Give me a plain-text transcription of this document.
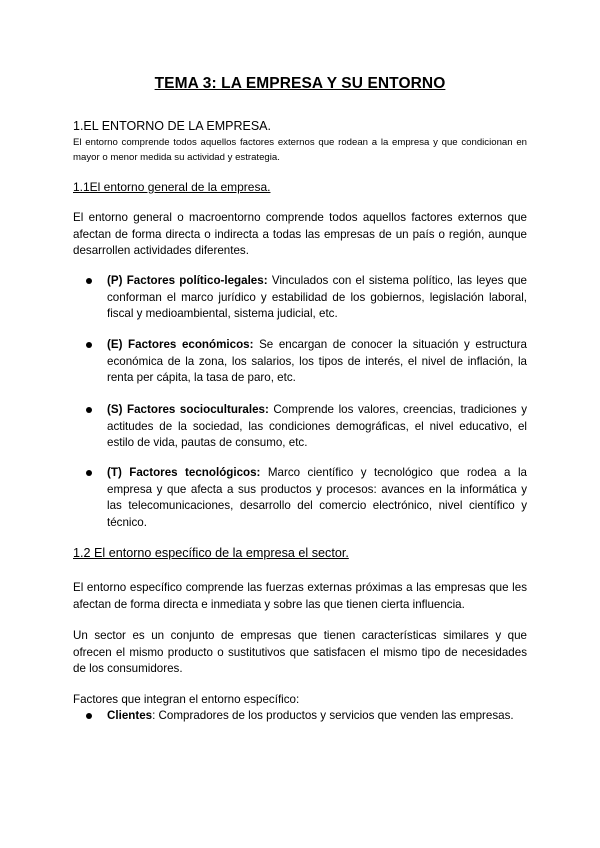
TEMA 3: LA EMPRESA Y SU ENTORNO
1.EL ENTORNO DE LA EMPRESA.
El entorno comprende todos aquellos factores externos que rodean a la empresa y que condicionan en mayor o menor medida su actividad y estrategia.
1.1El entorno general de la empresa.
El entorno general o macroentorno comprende todos aquellos factores externos que afectan de forma directa o indirecta a todas las empresas de un país o región, aunque desarrollen actividades diferentes.
(P) Factores político-legales: Vinculados con el sistema político, las leyes que conforman el marco jurídico y estabilidad de los gobiernos, legislación laboral, fiscal y medioambiental, sistema judicial, etc.
(E) Factores económicos: Se encargan de conocer la situación y estructura económica de la zona, los salarios, los tipos de interés, el nivel de inflación, la renta per cápita, la tasa de paro, etc.
(S) Factores socioculturales: Comprende los valores, creencias, tradiciones y actitudes de la sociedad, las condiciones demográficas, el nivel educativo, el estilo de vida, pautas de consumo, etc.
(T) Factores tecnológicos: Marco científico y tecnológico que rodea a la empresa y que afecta a sus productos y procesos: avances en la informática y las telecomunicaciones, desarrollo del comercio electrónico, nivel científico y técnico.
1.2 El entorno específico de la empresa el sector.
El entorno específico comprende las fuerzas externas próximas a las empresas que les afectan de forma directa e inmediata y sobre las que tienen cierta influencia.
Un sector es un conjunto de empresas que tienen características similares y que ofrecen el mismo producto o sustitutivos que satisfacen el mismo tipo de necesidades de los consumidores.
Factores que integran el entorno específico:
Clientes: Compradores de los productos y servicios que venden las empresas.
